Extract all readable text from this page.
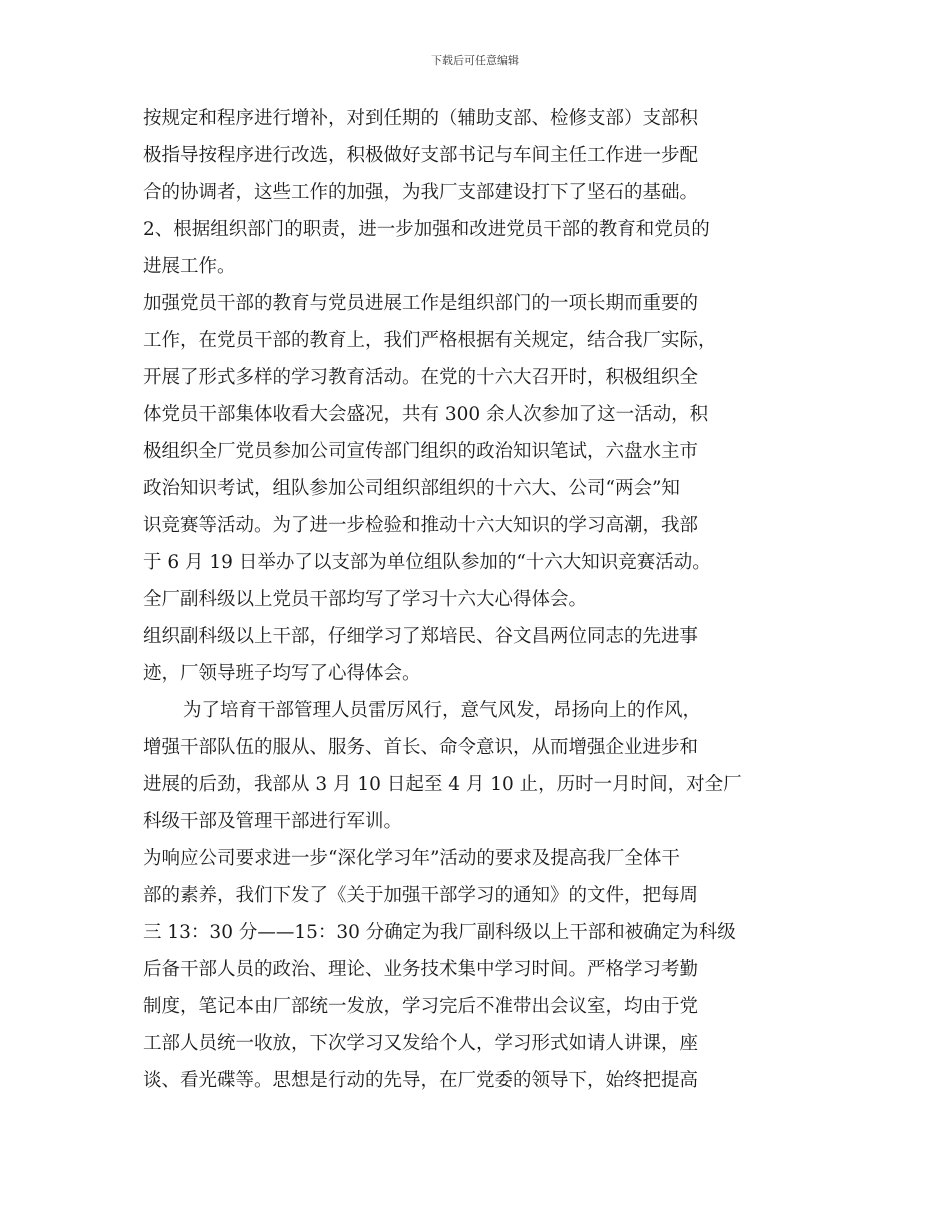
下载后可任意编辑
按规定和程序进行增补，对到任期的（辅助支部、检修支部）支部积
极指导按程序进行改选，积极做好支部书记与车间主任工作进一步配
合的协调者，这些工作的加强，为我厂支部建设打下了坚石的基础。
2、根据组织部门的职责，进一步加强和改进党员干部的教育和党员的
进展工作。
加强党员干部的教育与党员进展工作是组织部门的一项长期而重要的
工作，在党员干部的教育上，我们严格根据有关规定，结合我厂实际，
开展了形式多样的学习教育活动。在党的十六大召开时，积极组织全
体党员干部集体收看大会盛况，共有 300 余人次参加了这一活动，积
极组织全厂党员参加公司宣传部门组织的政治知识笔试，六盘水主市
政治知识考试，组队参加公司组织部组织的十六大、公司“两会”知
识竞赛等活动。为了进一步检验和推动十六大知识的学习高潮，我部
于 6 月 19 日举办了以支部为单位组队参加的“十六大知识竞赛活动。
全厂副科级以上党员干部均写了学习十六大心得体会。
组织副科级以上干部，仔细学习了郑培民、谷文昌两位同志的先进事
迹，厂领导班子均写了心得体会。
为了培育干部管理人员雷厉风行，意气风发，昂扬向上的作风，
增强干部队伍的服从、服务、首长、命令意识，从而增强企业进步和
进展的后劲，我部从 3 月 10 日起至 4 月 10 止，历时一月时间，对全厂
科级干部及管理干部进行军训。
为响应公司要求进一步“深化学习年”活动的要求及提高我厂全体干
部的素养，我们下发了《关于加强干部学习的通知》的文件，把每周
三 13：30 分——15：30 分确定为我厂副科级以上干部和被确定为科级
后备干部人员的政治、理论、业务技术集中学习时间。严格学习考勤
制度，笔记本由厂部统一发放，学习完后不准带出会议室，均由于党
工部人员统一收放，下次学习又发给个人，学习形式如请人讲课，座
谈、看光碟等。思想是行动的先导，在厂党委的领导下，始终把提高
